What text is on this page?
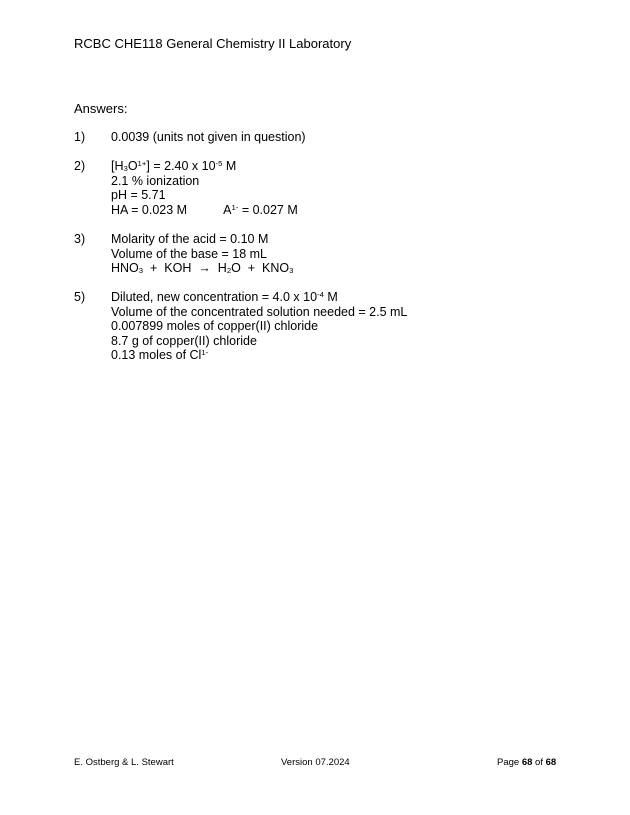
RCBC CHE118 General Chemistry II Laboratory
Answers:
1)	0.0039 (units not given in question)
2)	$[H_3O^{1+}] = 2.40$ x $10^{-5}$ M
2.1 % ionization
pH = 5.71
HA = 0.023 M	$A^{1-} = 0.027$ M
3)	Molarity of the acid = 0.10 M
Volume of the base = 18 mL
$HNO_3$  +  KOH  →  $H_2O + KNO_3$
5)	Diluted, new concentration = 4.0 x $10^{-4}$ M
Volume of the concentrated solution needed = 2.5 mL
0.007899 moles of copper(II) chloride
8.7 g of copper(II) chloride
0.13 moles of $Cl^{1-}$
E. Ostberg & L. Stewart	Version 07.2024	Page 68 of 68
